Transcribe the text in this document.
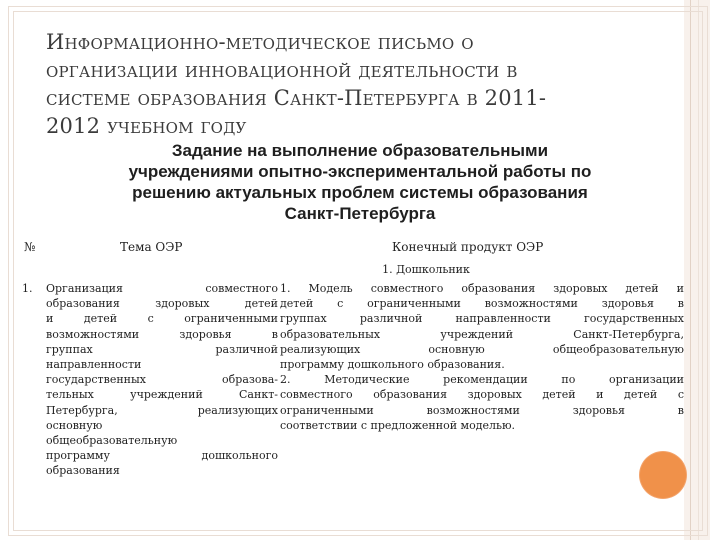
Информационно-методическое письмо о
организации инновационной деятельности в
системе образования Санкт-Петербурга в 2011-
2012 учебном году
Задание на выполнение образовательными
учреждениями опытно-экспериментальной работы по
решению актуальных проблем системы образования
Санкт-Петербурга
№	Тема ОЭР	Конечный продукт ОЭР
1. Дошкольник
1. Организация совместного
образования здоровых детей
и детей с ограниченными
возможностями здоровья в
группах различной
направленности
государственных образова-
тельных учреждений Санкт-
Петербурга, реализующих
основную
общеобразовательную
программу дошкольного
образования
1. Модель совместного образования здоровых детей и
детей с ограниченными возможностями здоровья в
группах различной направленности государственных
образовательных учреждений Санкт-Петербурга,
реализующих основную общеобразовательную
программу дошкольного образования.
2. Методические рекомендации по организации
совместного образования здоровых детей и детей с
ограниченными возможностями здоровья в
соответствии с предложенной моделью.
